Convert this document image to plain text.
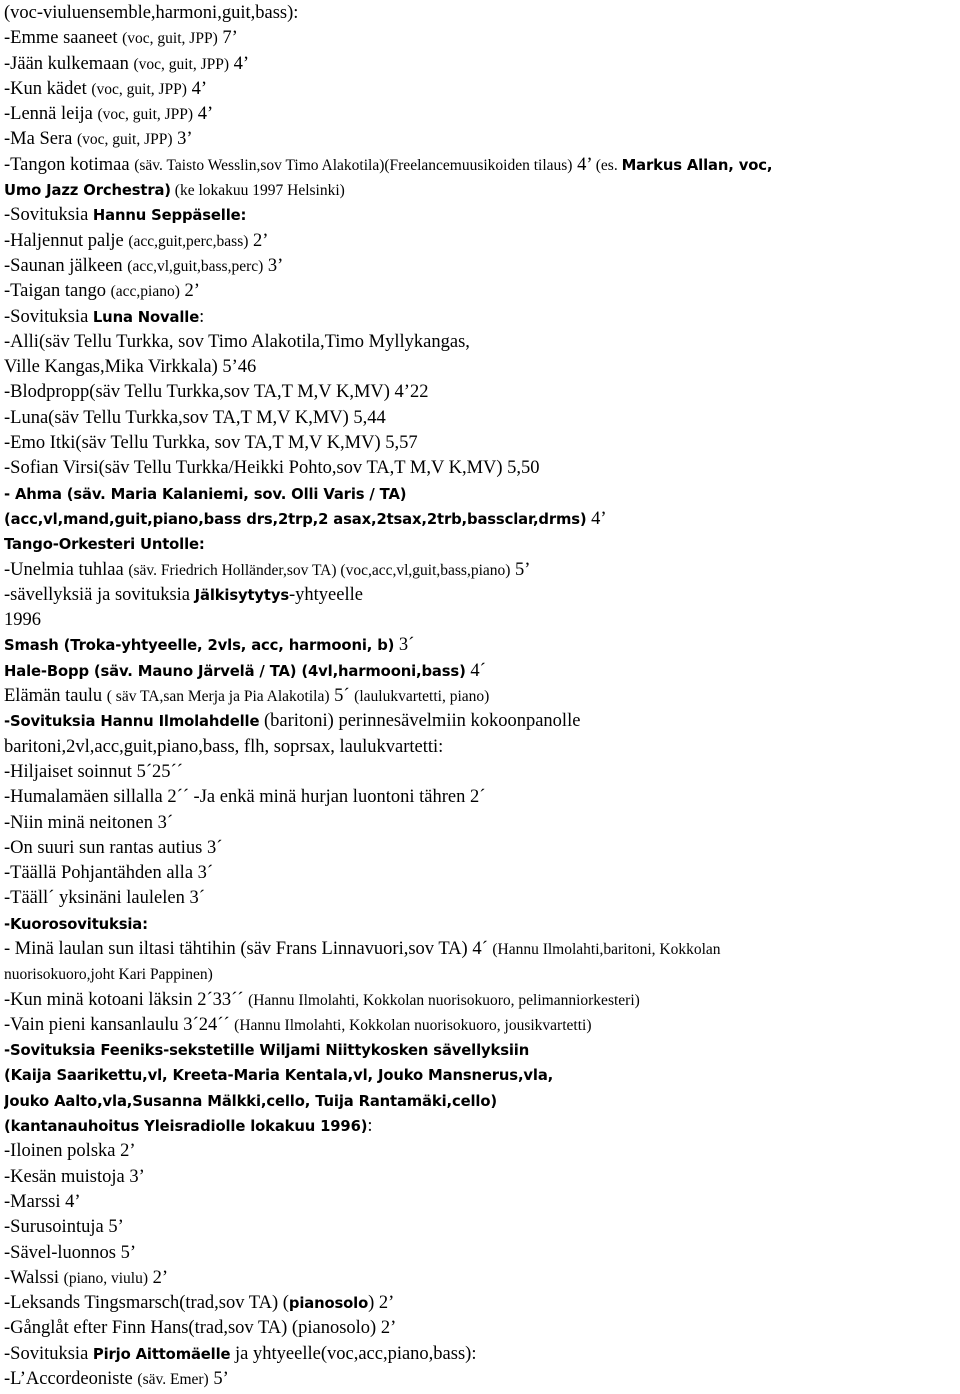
(voc-viuluensemble,harmoni,guit,bass):
-Emme saaneet (voc, guit, JPP) 7’
-Jään kulkemaan (voc, guit, JPP) 4’
-Kun kädet (voc, guit, JPP) 4’
-Lennä leija (voc, guit, JPP) 4’
-Ma Sera (voc, guit, JPP) 3’
-Tangon kotimaa (säv. Taisto Wesslin,sov Timo Alakotila)(Freelancemuusikoiden tilaus) 4’ (es. Markus Allan, voc,
Umo Jazz Orchestra) (ke lokakuu 1997 Helsinki)
-Sovituksia Hannu Seppäselle:
-Haljennut palje (acc,guit,perc,bass) 2’
-Saunan jälkeen (acc,vl,guit,bass,perc) 3’
-Taigan tango (acc,piano) 2’
-Sovituksia Luna Novalle:
-Alli(säv Tellu Turkka, sov Timo Alakotila,Timo Myllykangas,
Ville Kangas,Mika Virkkala) 5’46
-Blodpropp(säv Tellu Turkka,sov TA,T M,V K,MV) 4’22
-Luna(säv Tellu Turkka,sov TA,T M,V K,MV) 5,44
-Emo Itki(säv Tellu Turkka, sov TA,T M,V K,MV) 5,57
-Sofian Virsi(säv Tellu Turkka/Heikki Pohto,sov TA,T M,V K,MV) 5,50
- Ahma (säv. Maria Kalaniemi, sov. Olli Varis / TA)
(acc,vl,mand,guit,piano,bass drs,2trp,2 asax,2tsax,2trb,bassclar,drms) 4’
Tango-Orkesteri Untolle:
-Unelmia tuhlaa (säv. Friedrich Holländer,sov TA) (voc,acc,vl,guit,bass,piano) 5’
-sävellyksiä ja sovituksia Jälkisytytys-yhtyeelle
1996
Smash (Troka-yhtyeelle, 2vls, acc, harmooni, b) 3´
Hale-Bopp (säv. Mauno Järvelä / TA) (4vl,harmooni,bass) 4´
Elämän taulu ( säv TA,san Merja ja Pia Alakotila) 5´ (laulukvartetti, piano)
-Sovituksia Hannu Ilmolahdelle (baritoni) perinnesävelmiin kokoonpanolle
baritoni,2vl,acc,guit,piano,bass, flh, soprsax, laulukvartetti:
-Hiljaiset soinnut 5´25´´
-Humalamäen sillalla 2´´ -Ja enkä minä hurjan luontoni tähren 2´
-Niin minä neitonen 3´
-On suuri sun rantas autius 3´
-Täällä Pohjantähden alla 3´
-Tääll´ yksinäni laulelen 3´
-Kuorosovituksia:
- Minä laulan sun iltasi tähtihin (säv Frans Linnavuori,sov TA) 4´ (Hannu Ilmolahti,baritoni, Kokkolan
nuorisokuoro,joht Kari Pappinen)
-Kun minä kotoani läksin 2´33´´ (Hannu Ilmolahti, Kokkolan nuorisokuoro, pelimanniorkesteri)
-Vain pieni kansanlaulu 3´24´´ (Hannu Ilmolahti, Kokkolan nuorisokuoro, jousikvartetti)
-Sovituksia Feeniks-sekstetille Wiljami Niittykosken sävellyksiin
(Kaija Saarikettu,vl, Kreeta-Maria Kentala,vl, Jouko Mansnerus,vla,
Jouko Aalto,vla,Susanna Mälkki,cello, Tuija Rantamäki,cello)
(kantanauhoitus Yleisradiolle lokakuu 1996):
-Iloinen polska 2’
-Kesän muistoja 3’
-Marssi 4’
-Surusointuja 5’
-Sävel-luonnos 5’
-Walssi (piano, viulu) 2’
-Leksands Tingsmarsch(trad,sov TA) (pianosolo) 2’
-Gånglåt efter Finn Hans(trad,sov TA) (pianosolo) 2’
-Sovituksia Pirjo Aittomäelle ja yhtyeelle(voc,acc,piano,bass):
-L’Accordeoniste (säv. Emer) 5’
